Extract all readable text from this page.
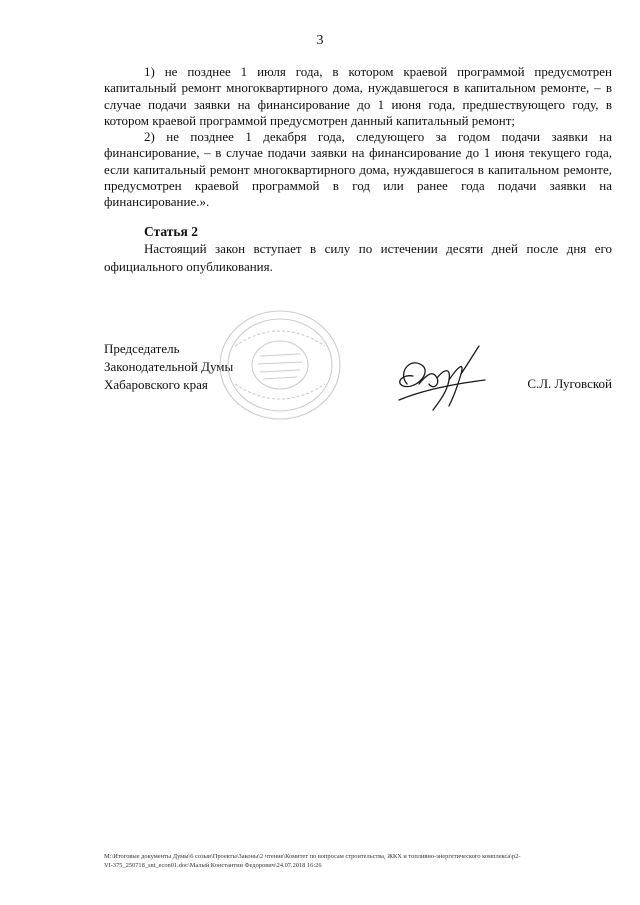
3

1) не позднее 1 июля года, в котором краевой программой предусмотрен капитальный ремонт многоквартирного дома, нуждавшегося в капитальном ремонте, – в случае подачи заявки на финансирование до 1 июня года, предшествующего году, в котором краевой программой предусмотрен данный капитальный ремонт;

2) не позднее 1 декабря года, следующего за годом подачи заявки на финансирование, – в случае подачи заявки на финансирование до 1 июня текущего года, если капитальный ремонт многоквартирного дома, нуждавшегося в капитальном ремонте, предусмотрен краевой программой в год или ранее года подачи заявки на финансирование.».

Статья 2

Настоящий закон вступает в силу по истечении десяти дней после дня его официального опубликования.

Председатель
Законодательной Думы
Хабаровского края	С.Л. Луговской
M:\Итоговые документы Думы\6 созыв\Проекты\Законы\2 чтение\Комитет по вопросам строительства, ЖКХ и топливно-энергетического комплекса\р2-
VI-375_250718_snt_econ01.doc\Малый Константин Федорович\24.07.2018 16:26
